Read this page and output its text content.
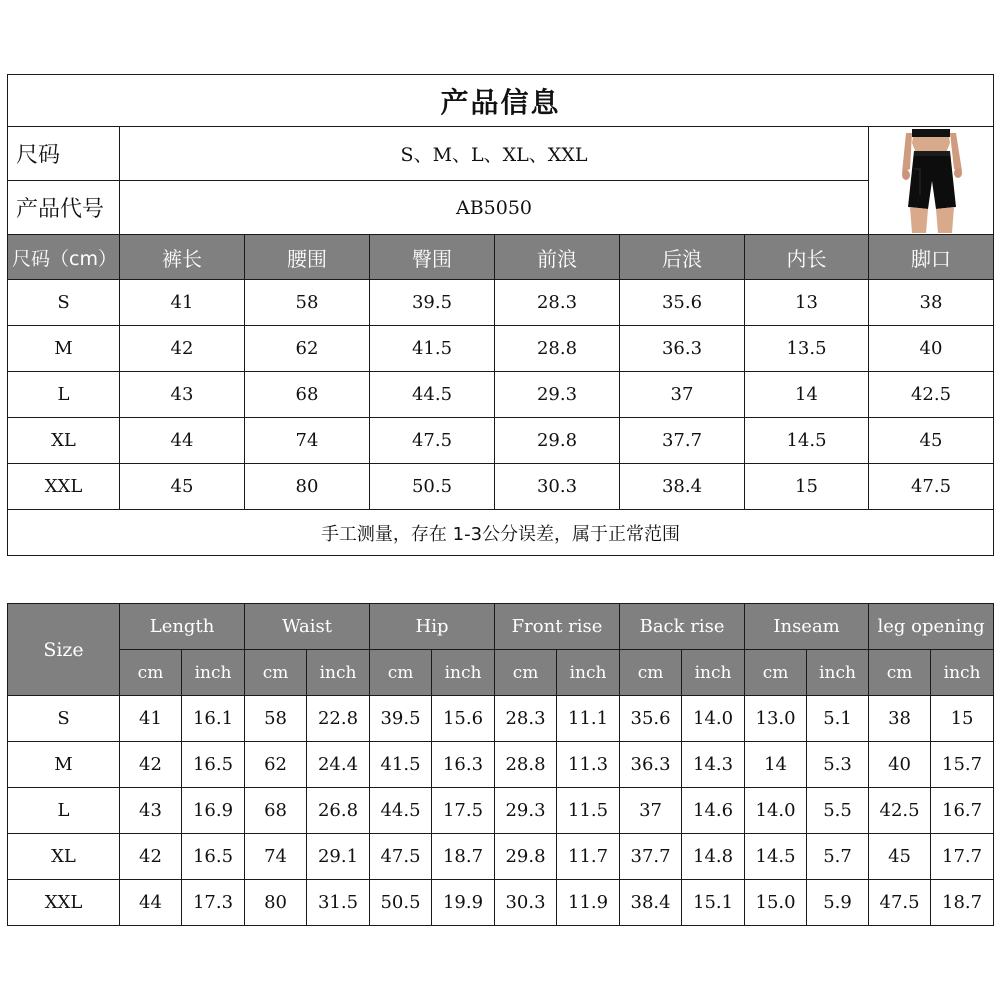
产品信息							
尺码	S、M、L、XL、XXL	

产品代号	AB5050						
尺码（cm）	裤长	腰围	臀围	前浪	后浪	内长	脚口
S	41	58	39.5	28.3	35.6	13	38
M	42	62	41.5	28.8	36.3	13.5	40
L	43	68	44.5	29.3	37	14	42.5
XL	44	74	47.5	29.8	37.7	14.5	45
XXL	45	80	50.5	30.3	38.4	15	47.5
手工测量，存在 1-3公分误差，属于正常范围							
Size	Length		Waist		Hip		Front rise		Back rise		Inseam		leg opening	
	cm	inch	cm	inch	cm	inch	cm	inch	cm	inch	cm	inch	cm	inch
S	41	16.1	58	22.8	39.5	15.6	28.3	11.1	35.6	14.0	13.0	5.1	38	15
M	42	16.5	62	24.4	41.5	16.3	28.8	11.3	36.3	14.3	14	5.3	40	15.7
L	43	16.9	68	26.8	44.5	17.5	29.3	11.5	37	14.6	14.0	5.5	42.5	16.7
XL	42	16.5	74	29.1	47.5	18.7	29.8	11.7	37.7	14.8	14.5	5.7	45	17.7
XXL	44	17.3	80	31.5	50.5	19.9	30.3	11.9	38.4	15.1	15.0	5.9	47.5	18.7
